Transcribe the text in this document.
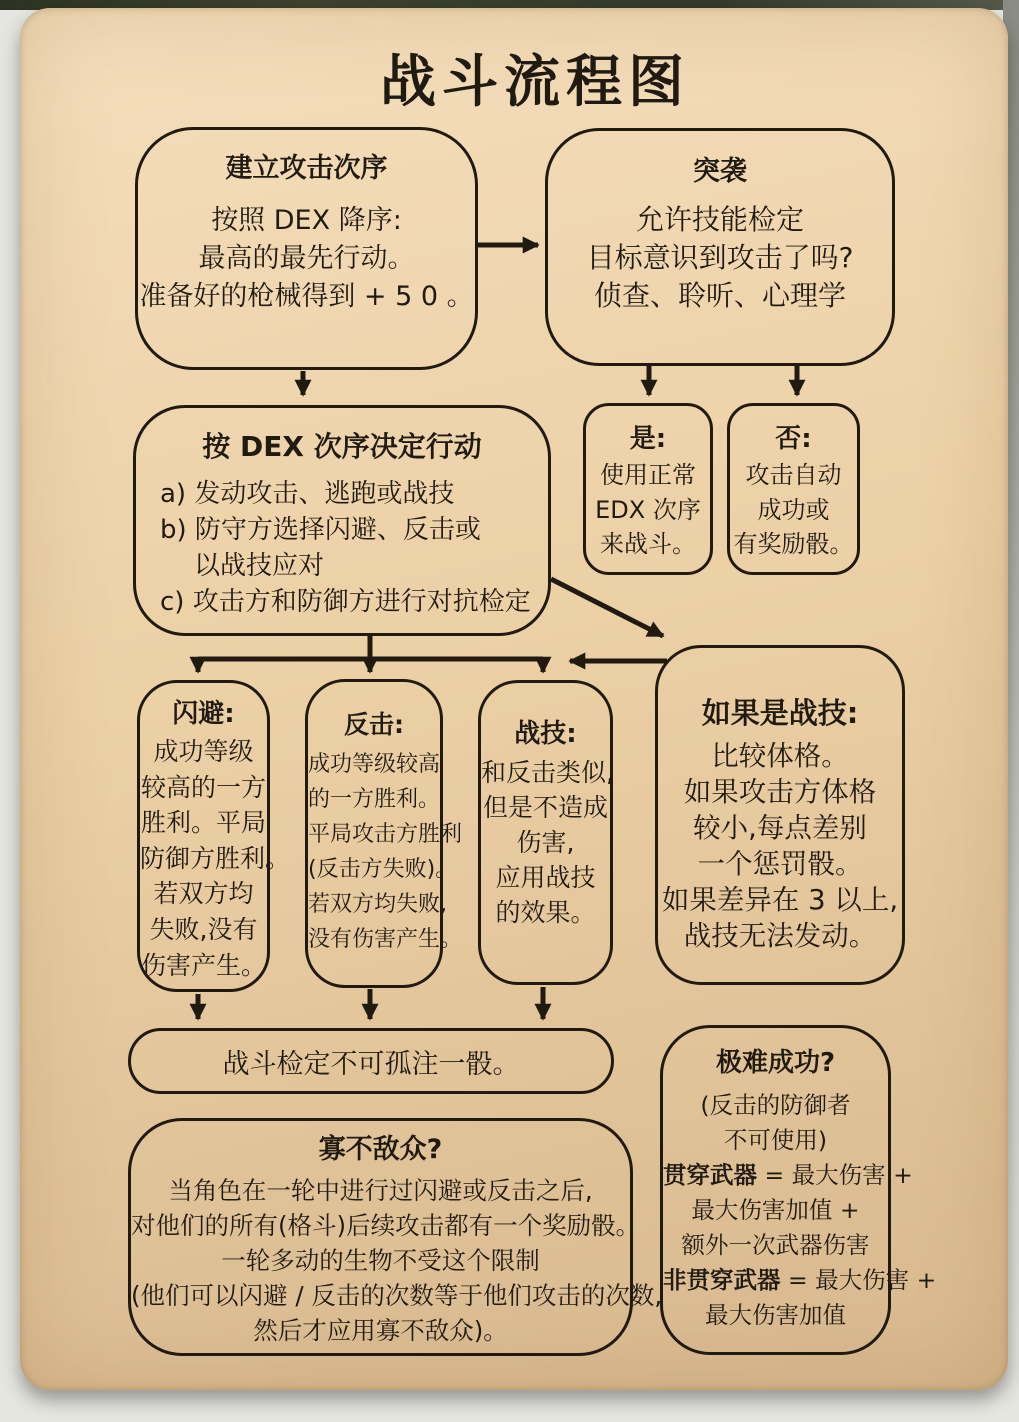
战斗流程图
建立攻击次序
按照 DEX 降序:
最高的最先行动。
准备好的枪械得到 + 5 0 。
突袭
允许技能检定
目标意识到攻击了吗?
侦查、聆听、心理学
是:
使用正常
EDX 次序
来战斗。
否:
攻击自动
成功或
有奖励骰。
按 DEX 次序决定行动
a) 发动攻击、逃跑或战技
b) 防守方选择闪避、反击或
以战技应对
c) 攻击方和防御方进行对抗检定
闪避:
成功等级
较高的一方
胜利。平局
防御方胜利。
若双方均
失败,没有
伤害产生。
反击:
成功等级较高
的一方胜利。
平局攻击方胜利
(反击方失败)。
若双方均失败,
没有伤害产生。
战技:
和反击类似,
但是不造成
伤害,
应用战技
的效果。
如果是战技:
比较体格。
如果攻击方体格
较小,每点差别
一个惩罚骰。
如果差异在 3 以上,
战技无法发动。
战斗检定不可孤注一骰。
寡不敌众?
当角色在一轮中进行过闪避或反击之后,
对他们的所有(格斗)后续攻击都有一个奖励骰。
一轮多动的生物不受这个限制
(他们可以闪避 / 反击的次数等于他们攻击的次数,
然后才应用寡不敌众)。
极难成功?
(反击的防御者
不可使用)
贯穿武器 = 最大伤害 +
最大伤害加值 +
额外一次武器伤害
非贯穿武器 = 最大伤害 +
最大伤害加值
